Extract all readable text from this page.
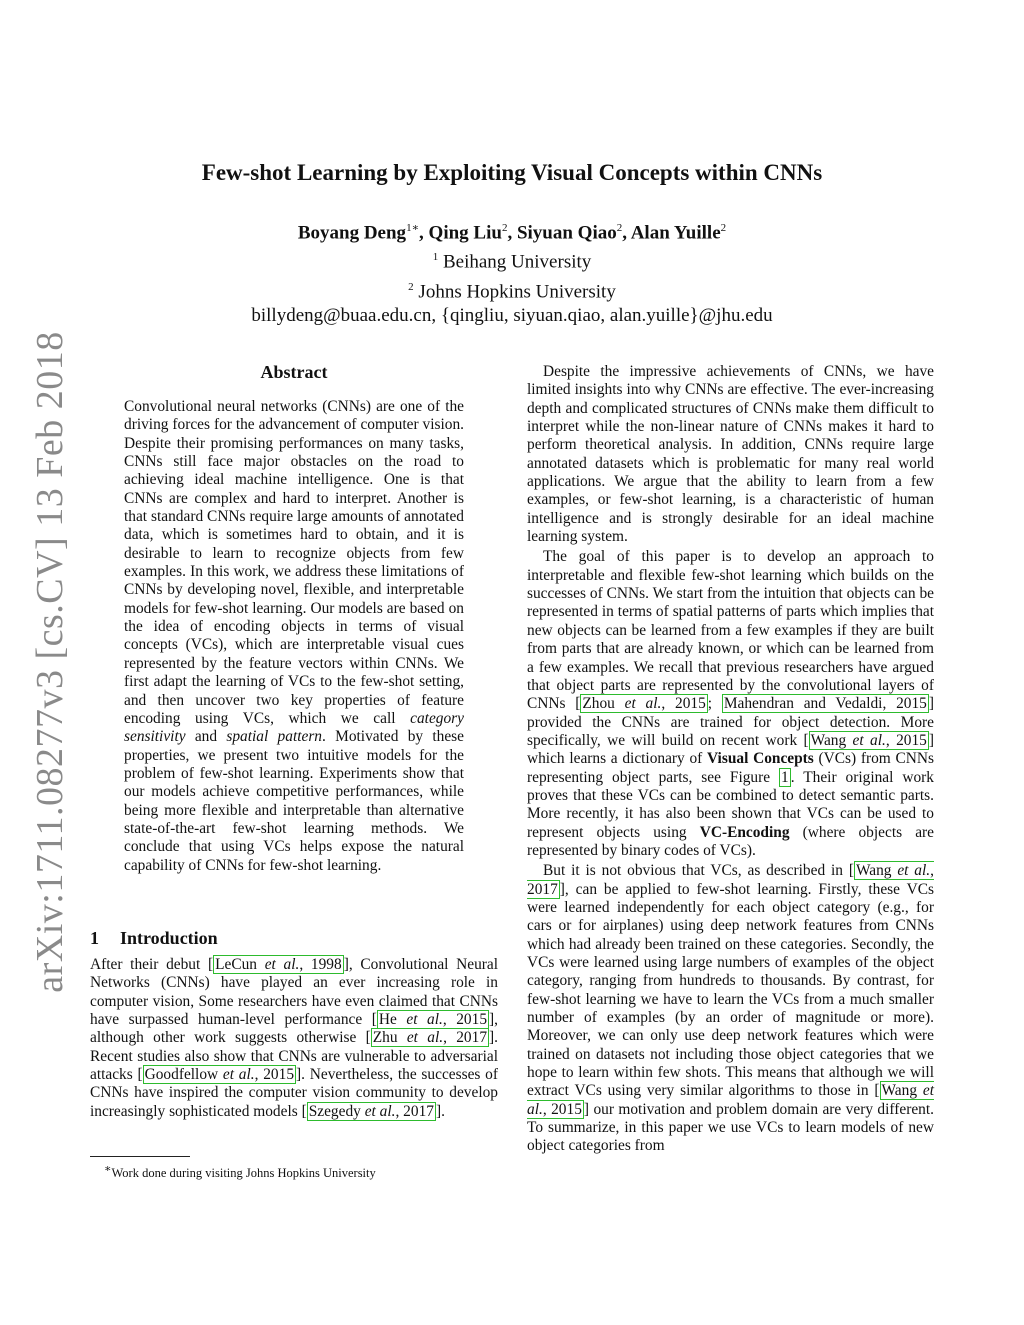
arXiv:1711.08277v3 [cs.CV] 13 Feb 2018
Few-shot Learning by Exploiting Visual Concepts within CNNs
Boyang Deng$^{1∗}$, Qing Liu$^2$, Siyuan Qiao$^2$, Alan Yuille$^2$
$^1$ Beihang University
$^2$ Johns Hopkins University
billydeng@buaa.edu.cn, {qingliu, siyuan.qiao, alan.yuille}@jhu.edu
Abstract
Convolutional neural networks (CNNs) are one of the driving forces for the advancement of computer vision. Despite their promising performances on many tasks, CNNs still face major obstacles on the road to achieving ideal machine intelligence. One is that CNNs are complex and hard to interpret. Another is that standard CNNs require large amounts of annotated data, which is sometimes hard to obtain, and it is desirable to learn to recognize objects from few examples. In this work, we address these limitations of CNNs by developing novel, flexible, and interpretable models for few-shot learning. Our models are based on the idea of encoding objects in terms of visual concepts (VCs), which are interpretable visual cues represented by the feature vectors within CNNs. We first adapt the learning of VCs to the few-shot setting, and then uncover two key properties of feature encoding using VCs, which we call category sensitivity and spatial pattern. Motivated by these properties, we present two intuitive models for the problem of few-shot learning. Experiments show that our models achieve competitive performances, while being more flexible and interpretable than alternative state-of-the-art few-shot learning methods. We conclude that using VCs helps expose the natural capability of CNNs for few-shot learning.
1 Introduction

After their debut [ LeCun et al., 1998 ], Convolutional Neural Networks (CNNs) have played an ever increasing role in computer vision, Some researchers have even claimed that CNNs have surpassed human-level performance [ He et al., 2015 ], although other work suggests otherwise [ Zhu et al., 2017 ]. Recent studies also show that CNNs are vulnerable to adversarial attacks [ Goodfellow et al., 2015 ]. Nevertheless, the successes of CNNs have inspired the computer vision community to develop increasingly sophisticated models [ Szegedy et al., 2017 ].

∗Work done during visiting Johns Hopkins University

Despite the impressive achievements of CNNs, we have limited insights into why CNNs are effective. The ever-increasing depth and complicated structures of CNNs make them difficult to interpret while the non-linear nature of CNNs makes it hard to perform theoretical analysis. In addition, CNNs require large annotated datasets which is problematic for many real world applications. We argue that the ability to learn from a few examples, or few-shot learning, is a characteristic of human intelligence and is strongly desirable for an ideal machine learning system.

The goal of this paper is to develop an approach to interpretable and flexible few-shot learning which builds on the successes of CNNs. We start from the intuition that objects can be represented in terms of spatial patterns of parts which implies that new objects can be learned from a few examples if they are built from parts that are already known, or which can be learned from a few examples. We recall that previous researchers have argued that object parts are represented by the convolutional layers of CNNs [ Zhou et al., 2015 ; Mahendran and Vedaldi, 2015 ] provided the CNNs are trained for object detection. More specifically, we will build on recent work [ Wang et al., 2015 ] which learns a dictionary of Visual Concepts (VCs) from CNNs representing object parts, see Figure 1 . Their original work proves that these VCs can be combined to detect semantic parts. More recently, it has also been shown that VCs can be used to represent objects using VC-Encoding (where objects are represented by binary codes of VCs).

But it is not obvious that VCs, as described in [ Wang et al., 2017 ], can be applied to few-shot learning. Firstly, these VCs were learned independently for each object category (e.g., for cars or for airplanes) using deep network features from CNNs which had already been trained on these categories. Secondly, the VCs were learned using large numbers of examples of the object category, ranging from hundreds to thousands. By contrast, for few-shot learning we have to learn the VCs from a much smaller number of examples (by an order of magnitude or more). Moreover, we can only use deep network features which were trained on datasets not including those object categories that we hope to learn within few shots. This means that although we will extract VCs using very similar algorithms to those in [ Wang et al., 2015 ] our motivation and problem domain are very different. To summarize, in this paper we use VCs to learn models of new object categories from
